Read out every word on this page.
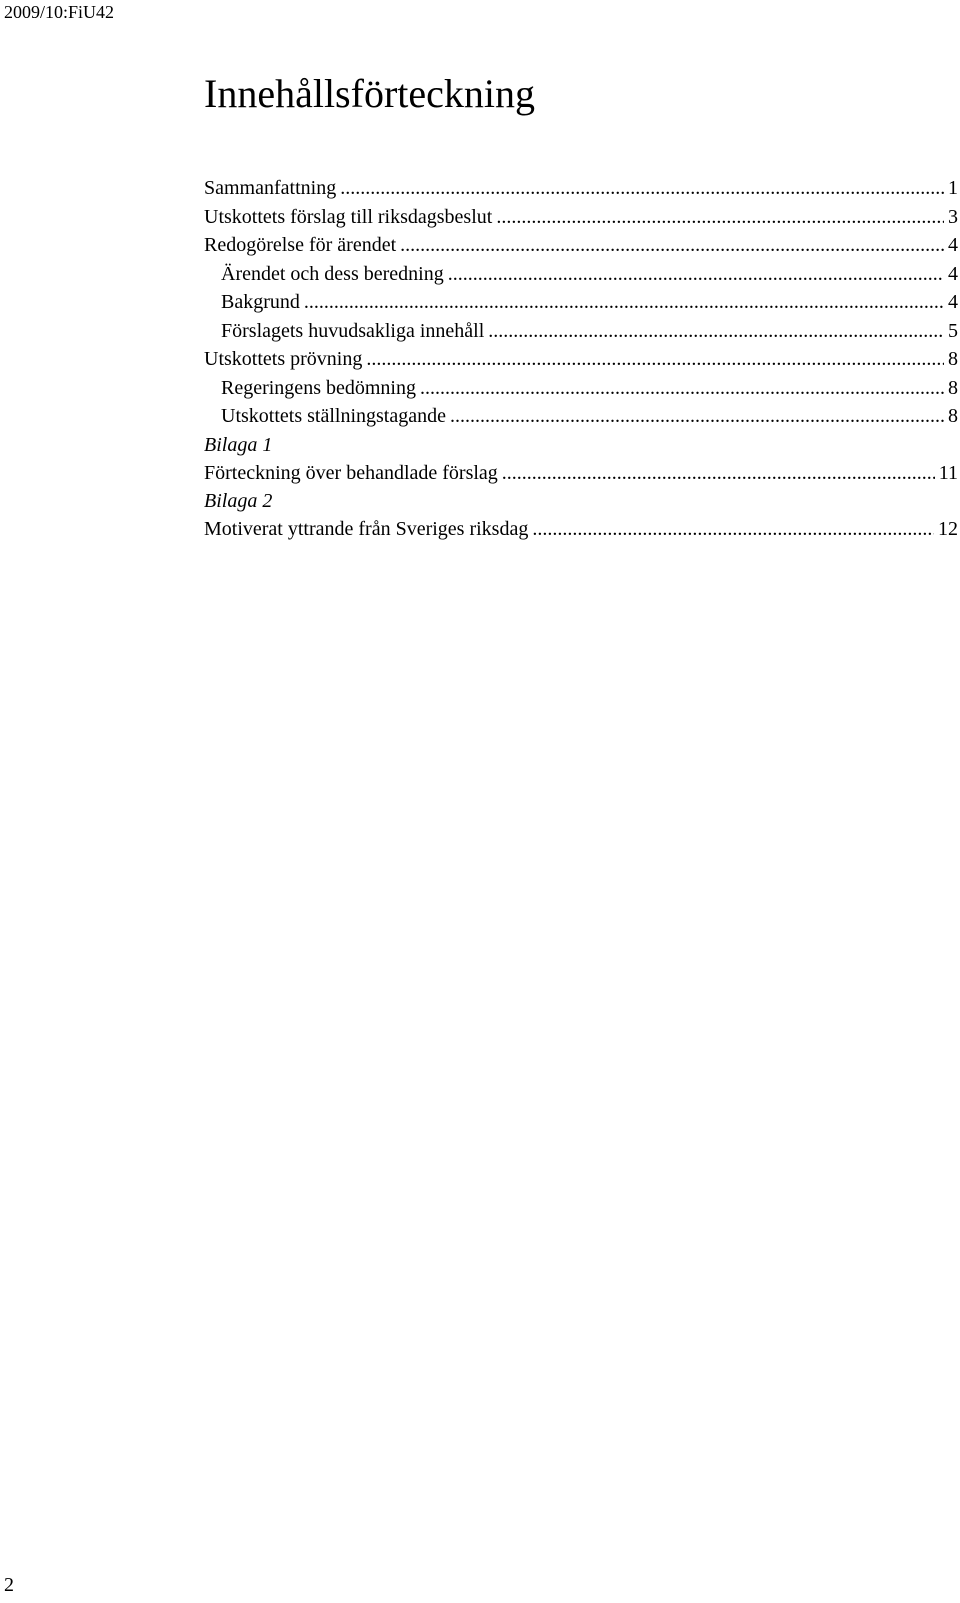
2009/10:FiU42
Innehållsförteckning
Sammanfattning .....	1
Utskottets förslag till riksdagsbeslut .....	3
Redogörelse för ärendet .....	4
Ärendet och dess beredning .....	4
Bakgrund .....	4
Förslagets huvudsakliga innehåll .....	5
Utskottets prövning .....	8
Regeringens bedömning .....	8
Utskottets ställningstagande .....	8
Bilaga 1
Förteckning över behandlade förslag .....	11
Bilaga 2
Motiverat yttrande från Sveriges riksdag .....	12
2
